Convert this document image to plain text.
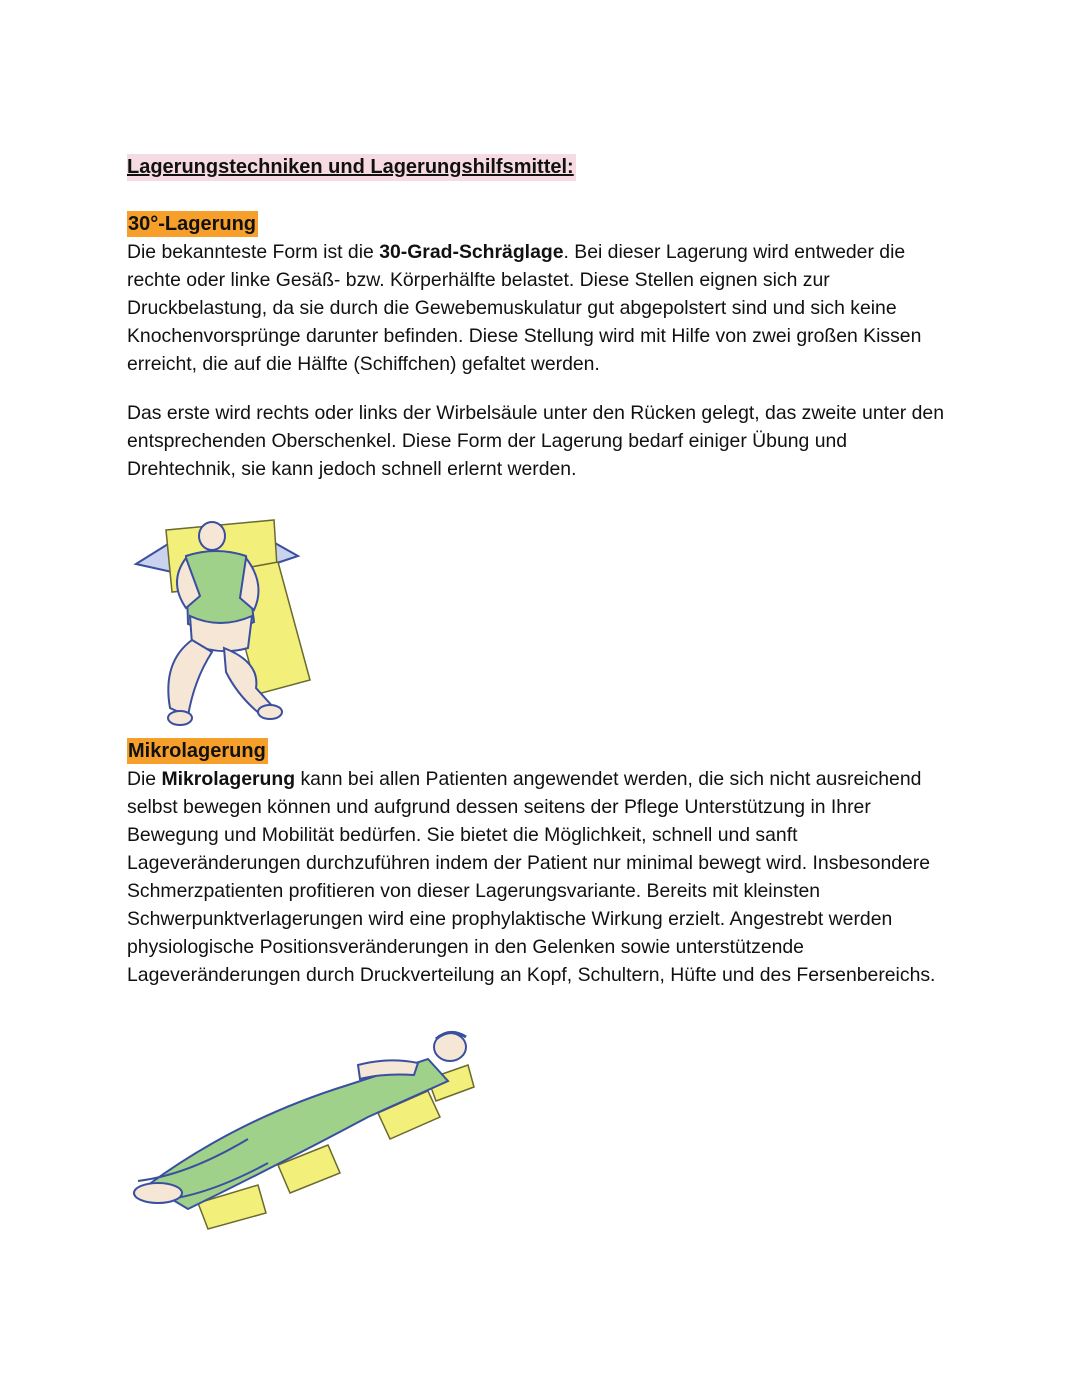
Lagerungstechniken und Lagerungshilfsmittel:
30°-Lagerung

Die bekannteste Form ist die 30-Grad-Schräglage. Bei dieser Lagerung wird entweder die rechte oder linke Gesäß- bzw. Körperhälfte belastet. Diese Stellen eignen sich zur Druckbelastung, da sie durch die Gewebemuskulatur gut abgepolstert sind und sich keine Knochenvorsprünge darunter befinden. Diese Stellung wird mit Hilfe von zwei großen Kissen erreicht, die auf die Hälfte (Schiffchen) gefaltet werden.

Das erste wird rechts oder links der Wirbelsäule unter den Rücken gelegt, das zweite unter den entsprechenden Oberschenkel. Diese Form der Lagerung bedarf einiger Übung und Drehtechnik, sie kann jedoch schnell erlernt werden.

Mikrolagerung

Die Mikrolagerung kann bei allen Patienten angewendet werden, die sich nicht ausreichend selbst bewegen können und aufgrund dessen seitens der Pflege Unterstützung in Ihrer Bewegung und Mobilität bedürfen. Sie bietet die Möglichkeit, schnell und sanft Lageveränderungen durchzuführen indem der Patient nur minimal bewegt wird. Insbesondere Schmerzpatienten profitieren von dieser Lagerungsvariante. Bereits mit kleinsten Schwerpunktverlagerungen wird eine prophylaktische Wirkung erzielt. Angestrebt werden physiologische Positionsveränderungen in den Gelenken sowie unterstützende Lageveränderungen durch Druckverteilung an Kopf, Schultern, Hüfte und des Fersenbereichs.
